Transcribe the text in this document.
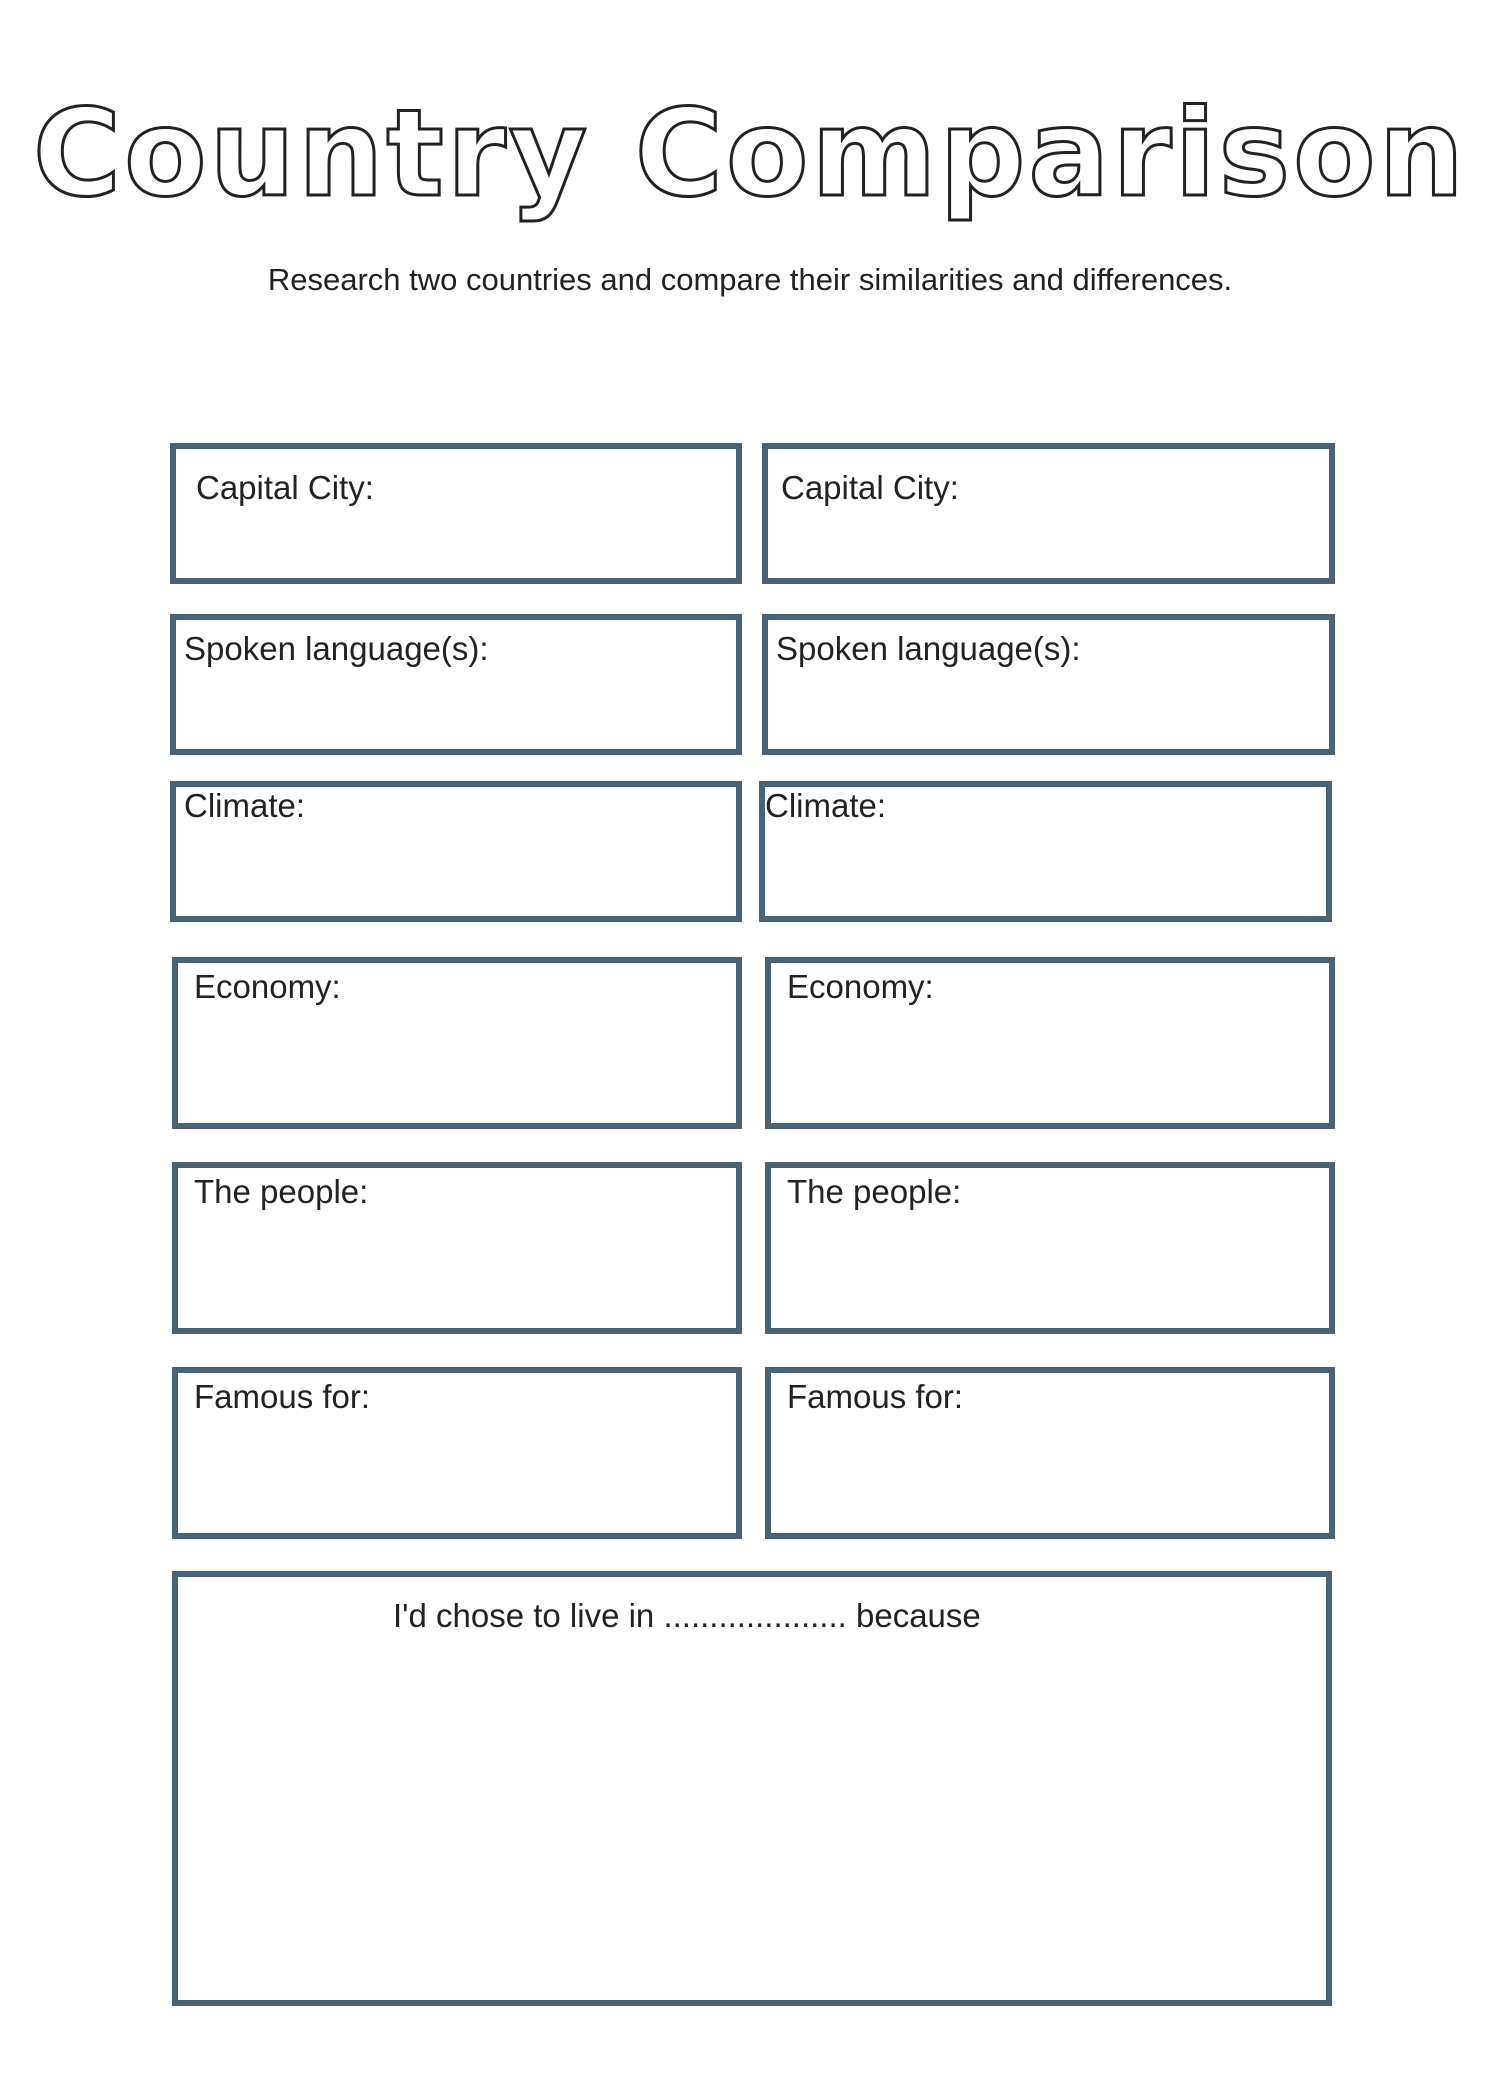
Country Comparison
Research two countries and compare their similarities and differences.
Capital City:	Capital City:
Spoken language(s):	Spoken language(s):
Climate:	Climate:
Economy:	Economy:
The people:	The people:
Famous for:	Famous for:
I'd chose to live in .................... because
